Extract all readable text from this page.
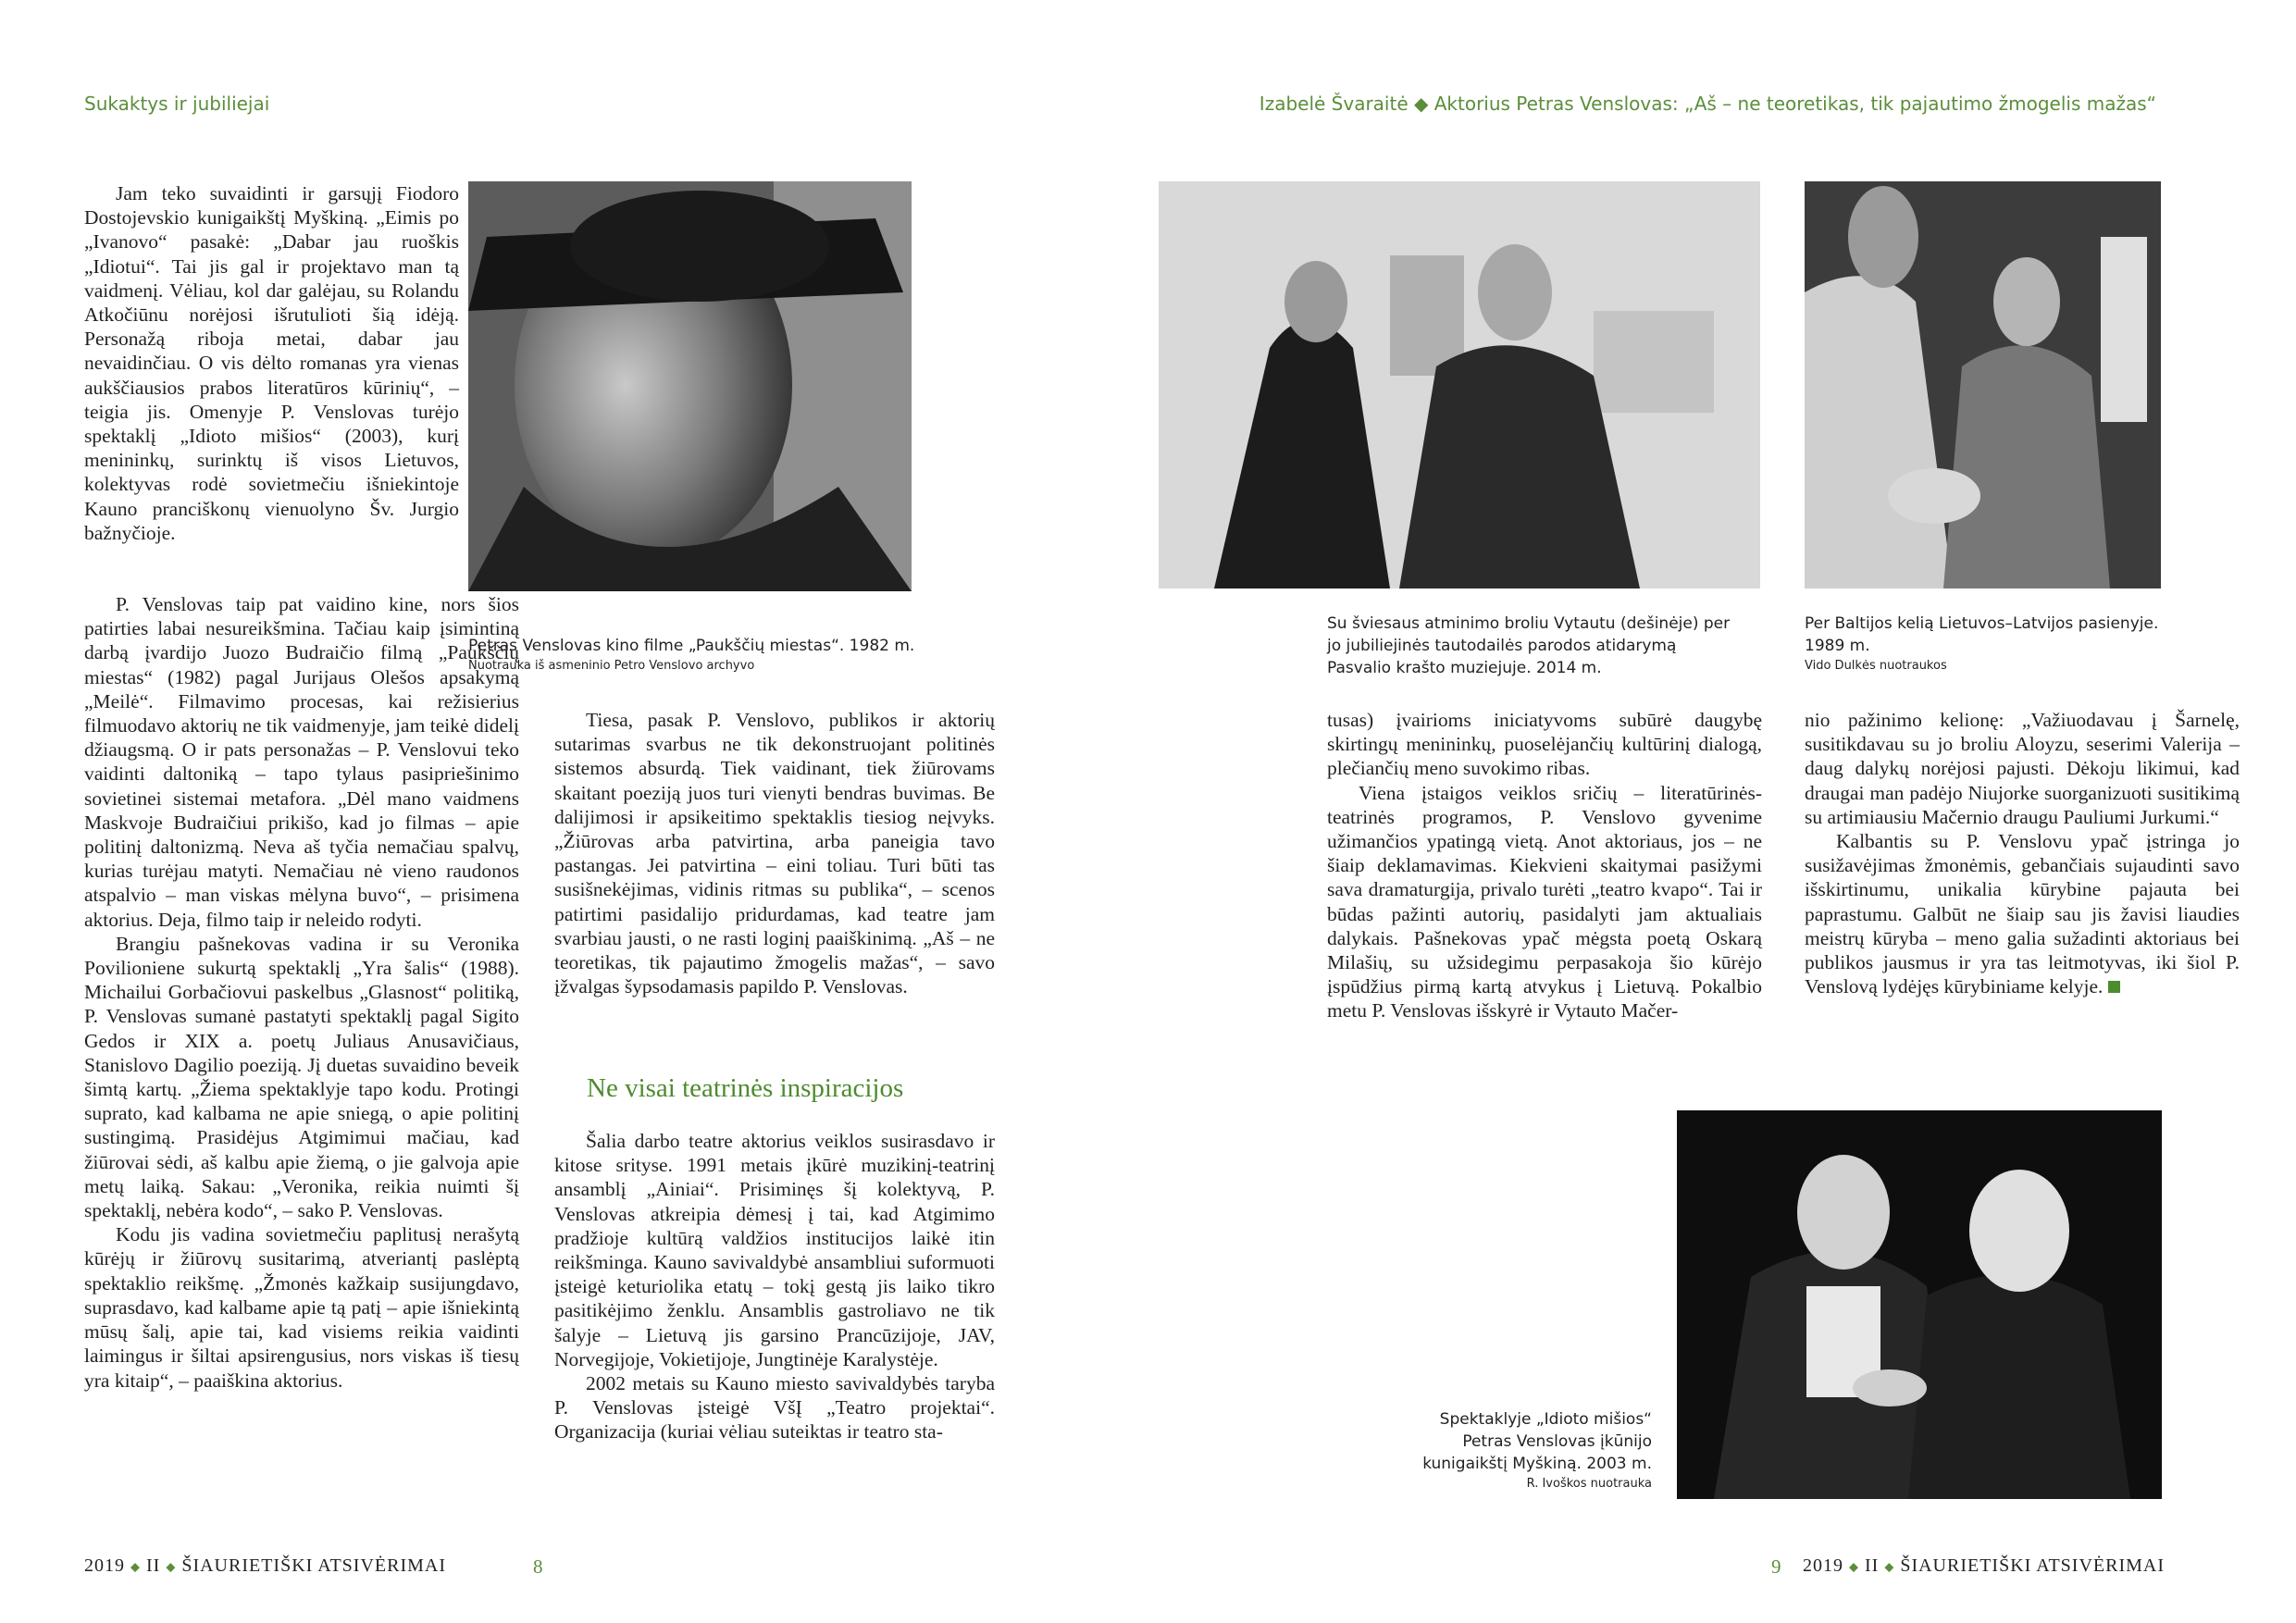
Sukaktys ir jubiliejai	Izabelė Švaraitė ◆ Aktorius Petras Venslovas: „Aš – ne teoretikas, tik pajautimo žmogelis mažas“
Petras Venslovas kino filme „Paukščių miestas“. 1982 m.
Nuotrauka iš asmeninio Petro Venslovo archyvo

Jam teko suvaidinti ir garsųjį Fiodoro Dostojevskio kunigaikštį Myškiną. „Eimis po „Ivanovo“ pasakė: „Dabar jau ruoškis „Idiotui“. Tai jis gal ir projektavo man tą vaidmenį. Vėliau, kol dar galėjau, su Rolandu Atkočiūnu norėjosi išrutulioti šią idėją. Personažą riboja metai, dabar jau nevaidinčiau. O vis dėlto romanas yra vienas aukščiausios prabos literatūros kūrinių“, – teigia jis. Omenyje P. Venslovas turėjo spektaklį „Idioto mišios“ (2003), kurį menininkų, surinktų iš visos Lietuvos, kolektyvas rodė sovietmečiu išniekintoje Kauno pranciškonų vienuolyno Šv. Jurgio bažnyčioje.

P. Venslovas taip pat vaidino kine, nors šios patirties labai nesureikšmina. Tačiau kaip įsimintiną darbą įvardijo Juozo Budraičio filmą „Paukščių miestas“ (1982) pagal Jurijaus Olešos apsakymą „Meilė“. Filmavimo procesas, kai režisierius filmuodavo aktorių ne tik vaidmenyje, jam teikė didelį džiaugsmą. O ir pats personažas – P. Venslovui teko vaidinti daltoniką – tapo tylaus pasipriešinimo sovietinei sistemai metafora. „Dėl mano vaidmens Maskvoje Budraičiui prikišo, kad jo filmas – apie politinį daltonizmą. Neva aš tyčia nemačiau spalvų, kurias turėjau matyti. Nemačiau nė vieno raudonos atspalvio – man viskas mėlyna buvo“, – prisimena aktorius. Deja, filmo taip ir neleido rodyti.

Brangiu pašnekovas vadina ir su Veronika Povilioniene sukurtą spektaklį „Yra šalis“ (1988). Michailui Gorbačiovui paskelbus „Glasnost“ politiką, P. Venslovas sumanė pastatyti spektaklį pagal Sigito Gedos ir XIX a. poetų Juliaus Anusavičiaus, Stanislovo Dagilio poeziją. Jį duetas suvaidino beveik šimtą kartų. „Žiema spektaklyje tapo kodu. Protingi suprato, kad kalbama ne apie sniegą, o apie politinį sustingimą. Prasidėjus Atgimimui mačiau, kad žiūrovai sėdi, aš kalbu apie žiemą, o jie galvoja apie metų laiką. Sakau: „Veronika, reikia nuimti šį spektaklį, nebėra kodo“, – sako P. Venslovas.

Kodu jis vadina sovietmečiu paplitusį nerašytą kūrėjų ir žiūrovų susitarimą, atveriantį paslėptą spektaklio reikšmę. „Žmonės kažkaip susijungdavo, suprasdavo, kad kalbame apie tą patį – apie išniekintą mūsų šalį, apie tai, kad visiems reikia vaidinti laimingus ir šiltai apsirengusius, nors viskas iš tiesų yra kitaip“, – paaiškina aktorius.

Tiesa, pasak P. Venslovo, publikos ir aktorių sutarimas svarbus ne tik dekonstruojant politinės sistemos absurdą. Tiek vaidinant, tiek žiūrovams skaitant poeziją juos turi vienyti bendras buvimas. Be dalijimosi ir apsikeitimo spektaklis tiesiog neįvyks. „Žiūrovas arba patvirtina, arba paneigia tavo pastangas. Jei patvirtina – eini toliau. Turi būti tas susišnekėjimas, vidinis ritmas su publika“, – scenos patirtimi pasidalijo pridurdamas, kad teatre jam svarbiau jausti, o ne rasti loginį paaiškinimą. „Aš – ne teoretikas, tik pajautimo žmogelis mažas“, – savo įžvalgas šypsodamasis papildo P. Venslovas.

Ne visai teatrinės inspiracijos

Šalia darbo teatre aktorius veiklos susirasdavo ir kitose srityse. 1991 metais įkūrė muzikinį-teatrinį ansamblį „Ainiai“. Prisiminęs šį kolektyvą, P. Venslovas atkreipia dėmesį į tai, kad Atgimimo pradžioje kultūrą valdžios institucijos laikė itin reikšminga. Kauno savivaldybė ansambliui suformuoti įsteigė keturiolika etatų – tokį gestą jis laiko tikro pasitikėjimo ženklu. Ansamblis gastroliavo ne tik šalyje – Lietuvą jis garsino Prancūzijoje, JAV, Norvegijoje, Vokietijoje, Jungtinėje Karalystėje.

2002 metais su Kauno miesto savivaldybės taryba P. Venslovas įsteigė VšĮ „Teatro projektai“. Organizacija (kuriai vėliau suteiktas ir teatro sta-

2019 ◆ II ◆ ŠIAURIETIŠKI ATSIVĖRIMAI	8
Su šviesaus atminimo broliu Vytautu (dešinėje) per jo jubiliejinės tautodailės parodos atidarymą Pasvalio krašto muziejuje. 2014 m.
Per Baltijos kelią Lietuvos–Latvijos pasienyje. 1989 m.
Vido Dulkės nuotraukos

tusas) įvairioms iniciatyvoms subūrė daugybę skirtingų menininkų, puoselėjančių kultūrinį dialogą, plečiančių meno suvokimo ribas.

Viena įstaigos veiklos sričių – literatūrinės-teatrinės programos, P. Venslovo gyvenime užimančios ypatingą vietą. Anot aktoriaus, jos – ne šiaip deklamavimas. Kiekvieni skaitymai pasižymi sava dramaturgija, privalo turėti „teatro kvapo“. Tai ir būdas pažinti autorių, pasidalyti jam aktualiais dalykais. Pašnekovas ypač mėgsta poetą Oskarą Milašių, su užsidegimu perpasakoja šio kūrėjo įspūdžius pirmą kartą atvykus į Lietuvą. Pokalbio metu P. Venslovas išskyrė ir Vytauto Mačer-

nio pažinimo kelionę: „Važiuodavau į Šarnelę, susitikdavau su jo broliu Aloyzu, seserimi Valerija – daug dalykų norėjosi pajusti. Dėkoju likimui, kad draugai man padėjo Niujorke suorganizuoti susitikimą su artimiausiu Mačernio draugu Pauliumi Jurkumi.“

Kalbantis su P. Venslovu ypač įstringa jo susižavėjimas žmonėmis, gebančiais sujaudinti savo išskirtinumu, unikalia kūrybine pajauta bei paprastumu. Galbūt ne šiaip sau jis žavisi liaudies meistrų kūryba – meno galia sužadinti aktoriaus bei publikos jausmus ir yra tas leitmotyvas, iki šiol P. Venslovą lydėjęs kūrybiniame kelyje.

Spektaklyje „Idioto mišios“ Petras Venslovas įkūnijo kunigaikštį Myškiną. 2003 m.
R. Ivoškos nuotrauka
9 2019 ◆ II ◆ ŠIAURIETIŠKI ATSIVĖRIMAI
